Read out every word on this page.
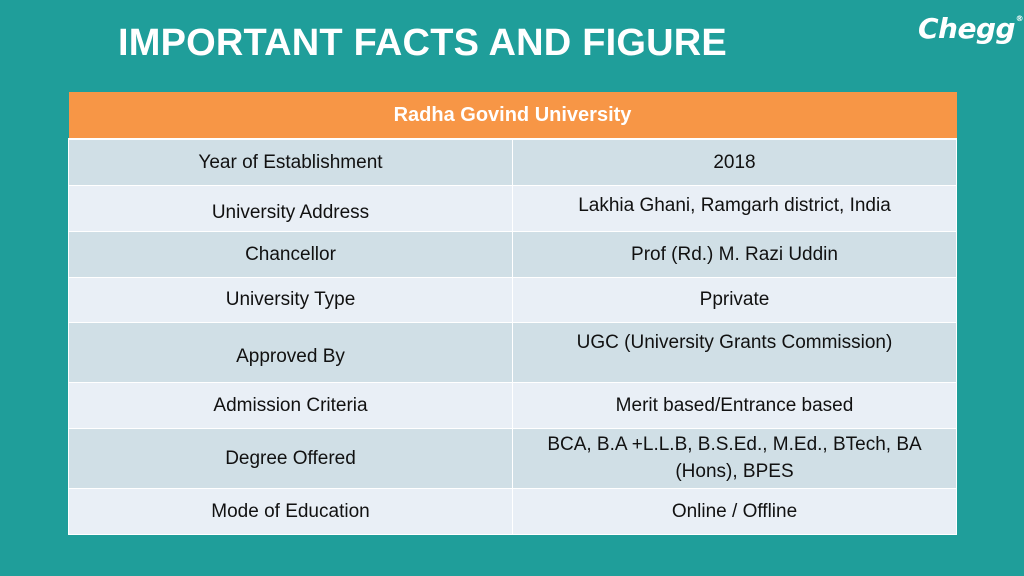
IMPORTANT FACTS AND FIGURE	Chegg ®
Radha Govind University	
Year of Establishment	2018
University Address	Lakhia Ghani, Ramgarh district, India
Chancellor	Prof (Rd.) M. Razi Uddin
University Type	Pprivate
Approved By	UGC (University Grants Commission)
Admission Criteria	Merit based/Entrance based
Degree Offered	BCA, B.A +L.L.B, B.S.Ed., M.Ed., BTech, BA (Hons), BPES
Mode of Education	Online / Offline
